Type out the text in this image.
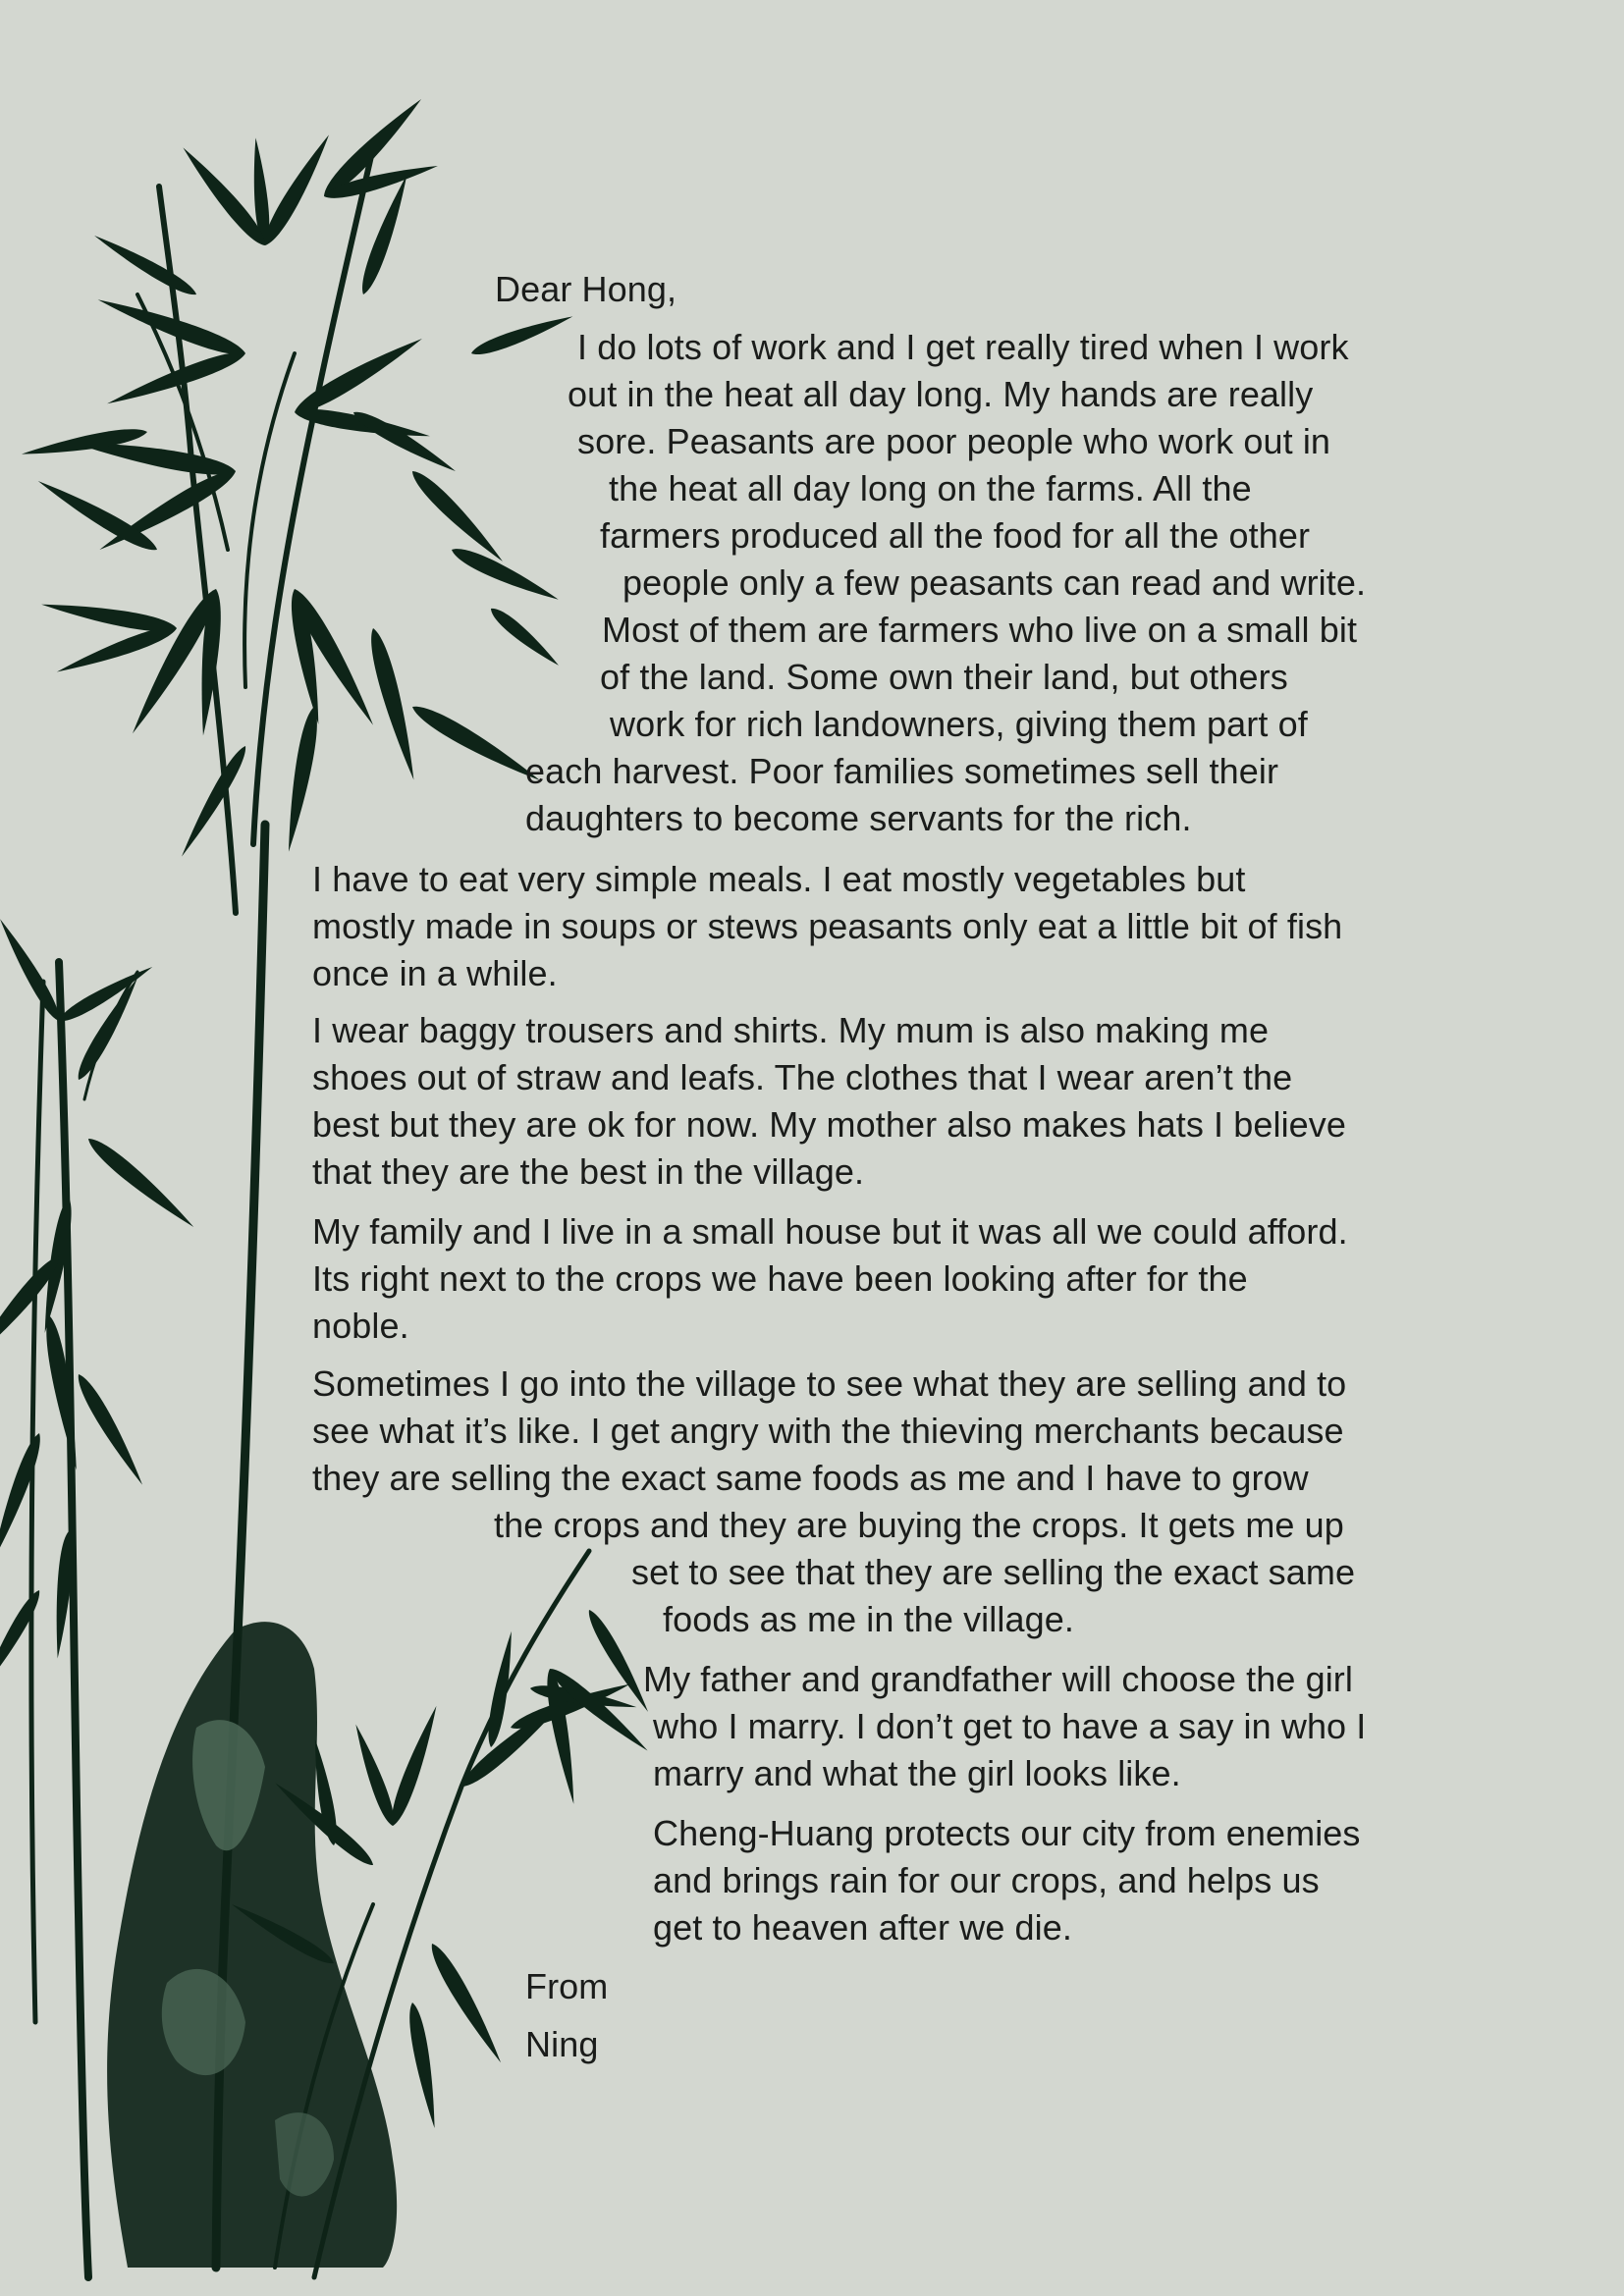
Dear Hong,

I do lots of work and I get really tired when I work

out in the heat all day long. My hands are really

sore. Peasants are poor people who work out in

the heat all day long on the farms. All the

farmers produced all the food for all the other

people only a few peasants can read and write.

Most of them are farmers who live on a small bit

of the land. Some own their land, but others

work for rich landowners, giving them part of

each harvest. Poor families sometimes sell their

daughters to become servants for the rich.

I have to eat very simple meals. I eat mostly vegetables but

mostly made in soups or stews peasants only eat a little bit of fish

once in a while.

I wear baggy trousers and shirts. My mum is also making me

shoes out of straw and leafs. The clothes that I wear aren’t the

best but they are ok for now. My mother also makes hats I believe

that they are the best in the village.

My family and I live in a small house but it was all we could afford.

Its right next to the crops we have been looking after for the

noble.

Sometimes I go into the village to see what they are selling and to

see what it’s like. I get angry with the thieving merchants because

they are selling the exact same foods as me and I have to grow

the crops and they are buying the crops. It gets me up

set to see that they are selling the exact same

foods as me in the village.

My father and grandfather will choose the girl

who I marry. I don’t get to have a say in who I

marry and what the girl looks like.

Cheng-Huang protects our city from enemies

and brings rain for our crops, and helps us

get to heaven after we die.

From

Ning
